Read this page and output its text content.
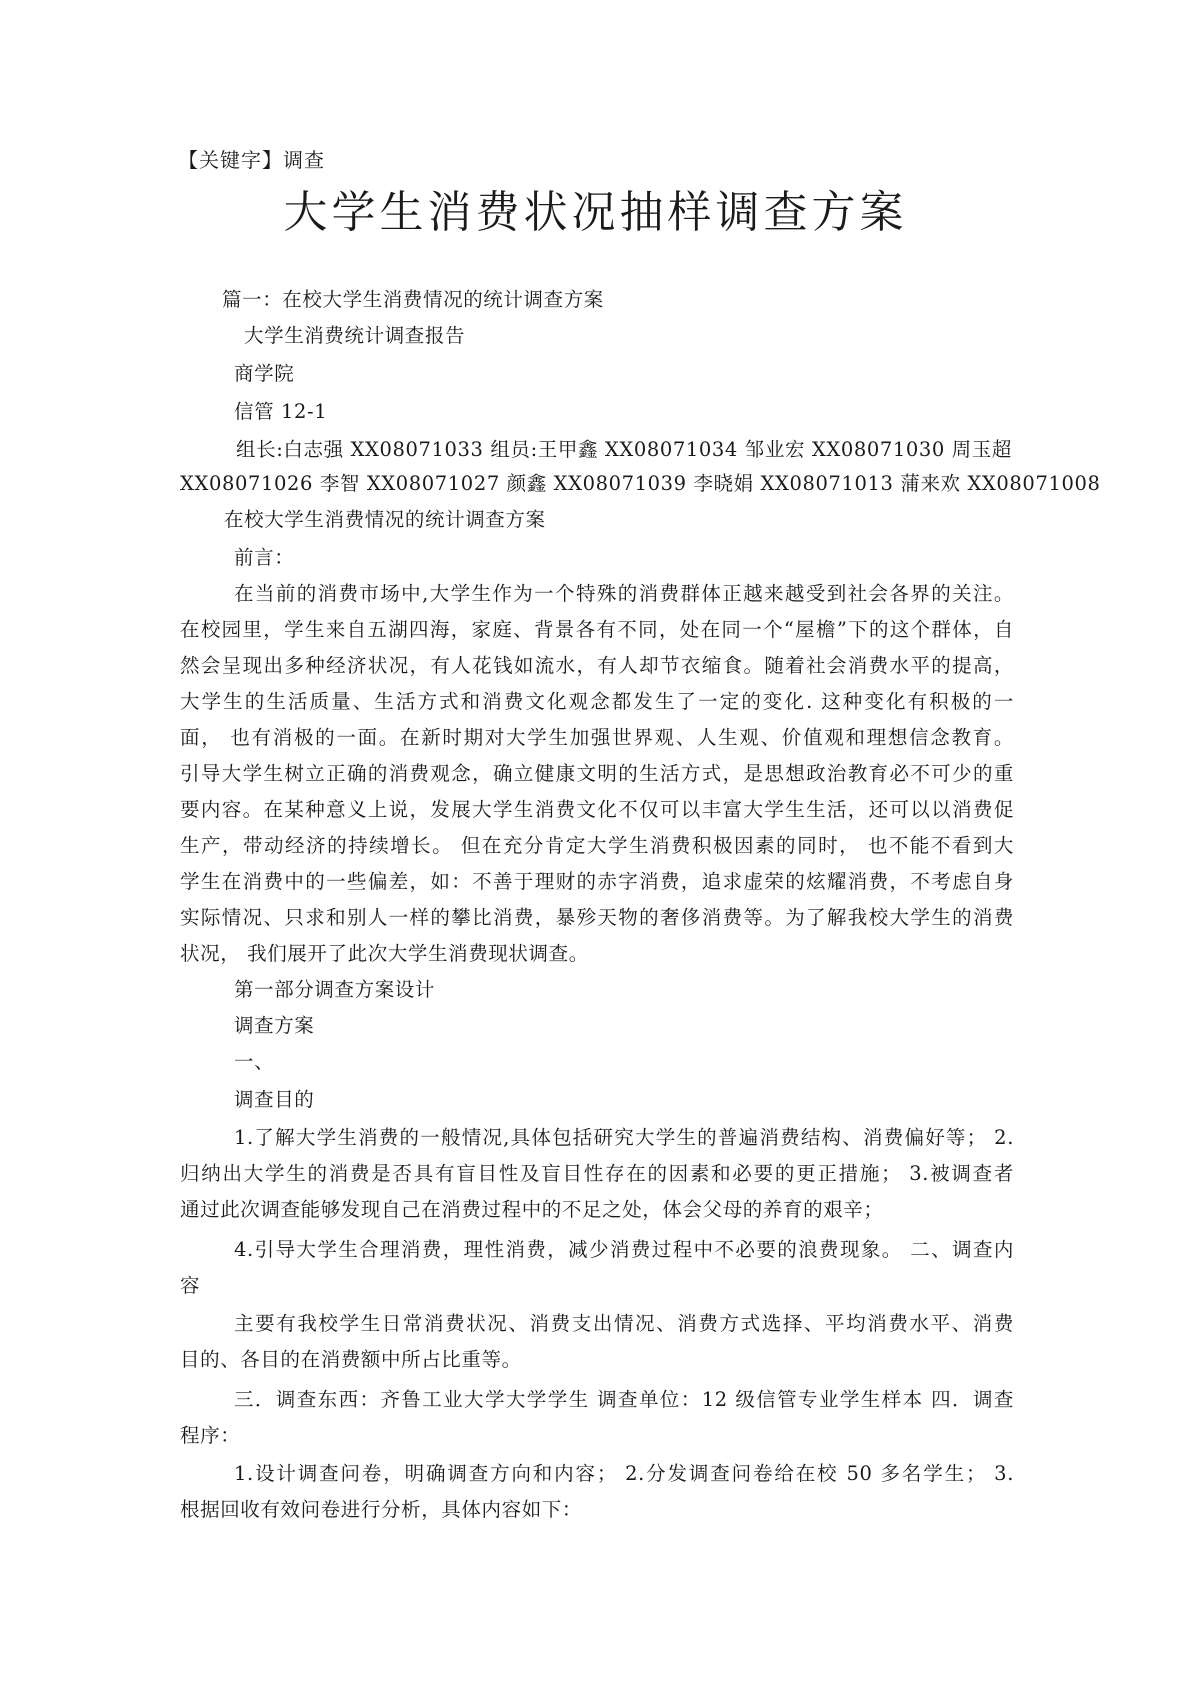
【关键字】调查
大学生消费状况抽样调查方案

篇一：在校大学生消费情况的统计调查方案

大学生消费统计调查报告

商学院

信管 12-1

组长:白志强 XX08071033 组员:王甲鑫 XX08071034 邹业宏 XX08071030 周玉超

XX08071026 李智 XX08071027 颜鑫 XX08071039 李晓娟 XX08071013 蒲来欢 XX08071008

在校大学生消费情况的统计调查方案

前言：

在当前的消费市场中,大学生作为一个特殊的消费群体正越来越受到社会各界的关注。

在校园里，学生来自五湖四海，家庭、背景各有不同，处在同一个“屋檐”下的这个群体，自

然会呈现出多种经济状况，有人花钱如流水，有人却节衣缩食。随着社会消费水平的提高，

大学生的生活质量、生活方式和消费文化观念都发生了一定的变化. 这种变化有积极的一

面， 也有消极的一面。在新时期对大学生加强世界观、人生观、价值观和理想信念教育。

引导大学生树立正确的消费观念，确立健康文明的生活方式，是思想政治教育必不可少的重

要内容。在某种意义上说，发展大学生消费文化不仅可以丰富大学生生活，还可以以消费促

生产，带动经济的持续增长。 但在充分肯定大学生消费积极因素的同时， 也不能不看到大

学生在消费中的一些偏差，如：不善于理财的赤字消费，追求虚荣的炫耀消费，不考虑自身

实际情况、只求和别人一样的攀比消费，暴殄天物的奢侈消费等。为了解我校大学生的消费

状况， 我们展开了此次大学生消费现状调查。

第一部分调查方案设计

调查方案

一、

调查目的

1.了解大学生消费的一般情况,具体包括研究大学生的普遍消费结构、消费偏好等； 2.

归纳出大学生的消费是否具有盲目性及盲目性存在的因素和必要的更正措施； 3.被调查者

通过此次调查能够发现自己在消费过程中的不足之处，体会父母的养育的艰辛；

4.引导大学生合理消费，理性消费，减少消费过程中不必要的浪费现象。 二、调查内

容

主要有我校学生日常消费状况、消费支出情况、消费方式选择、平均消费水平、消费

目的、各目的在消费额中所占比重等。

三．调查东西：齐鲁工业大学大学学生 调查单位：12 级信管专业学生样本 四．调查

程序：

1.设计调查问卷，明确调查方向和内容； 2.分发调查问卷给在校 50 多名学生； 3.

根据回收有效问卷进行分析，具体内容如下：
